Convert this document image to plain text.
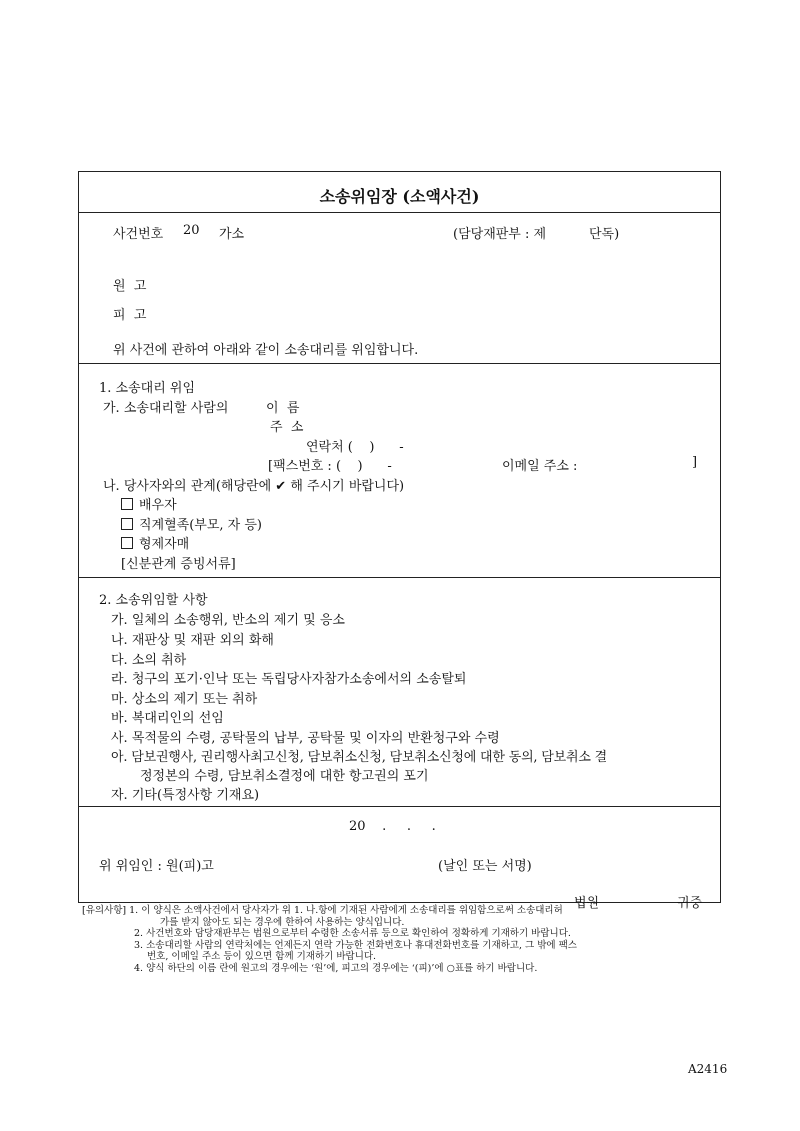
소송위임장 (소액사건)
사건번호 20 가소	(담당재판부 : 제	단독)
원  고
피  고
위 사건에 관하여 아래와 같이 소송대리를 위임합니다.
1. 소송대리 위임
가. 소송대리할 사람의	이  름
주  소
연락처 (    )      -
[팩스번호 : (    )      -	이메일 주소 :	]
나. 당사자와의 관계(해당란에 ✔ 해 주시기 바랍니다)
배우자
직계혈족(부모, 자 등)
형제자매
[신분관계 증빙서류]
2. 소송위임할 사항
가. 일체의 소송행위, 반소의 제기 및 응소
나. 재판상 및 재판 외의 화해
다. 소의 취하
라. 청구의 포기·인낙 또는 독립당사자참가소송에서의 소송탈퇴
마. 상소의 제기 또는 취하
바. 복대리인의 선임
사. 목적물의 수령, 공탁물의 납부, 공탁물 및 이자의 반환청구와 수령
아. 담보권행사, 권리행사최고신청, 담보취소신청, 담보취소신청에 대한 동의, 담보취소 결
정정본의 수령, 담보취소결정에 대한 항고권의 포기
자. 기타(특정사항 기재요)
20    .     .     .
위 위임인 : 원(피)고	(날인 또는 서명)
법원	귀중
[유의사항] 1. 이 양식은 소액사건에서 당사자가 위 1. 나.항에 기재된 사람에게 소송대리를 위임함으로써 소송대리허
가를 받지 않아도 되는 경우에 한하여 사용하는 양식입니다.
2. 사건번호와 담당재판부는 법원으로부터 수령한 소송서류 등으로 확인하여 정확하게 기재하기 바랍니다.
3. 소송대리할 사람의 연락처에는 언제든지 연락 가능한 전화번호나 휴대전화번호를 기재하고, 그 밖에 팩스
번호, 이메일 주소 등이 있으면 함께 기재하기 바랍니다.
4. 양식 하단의 이름 란에 원고의 경우에는 ‘원’에, 피고의 경우에는 ‘(피)’에 ○표를 하기 바랍니다.
A2416
